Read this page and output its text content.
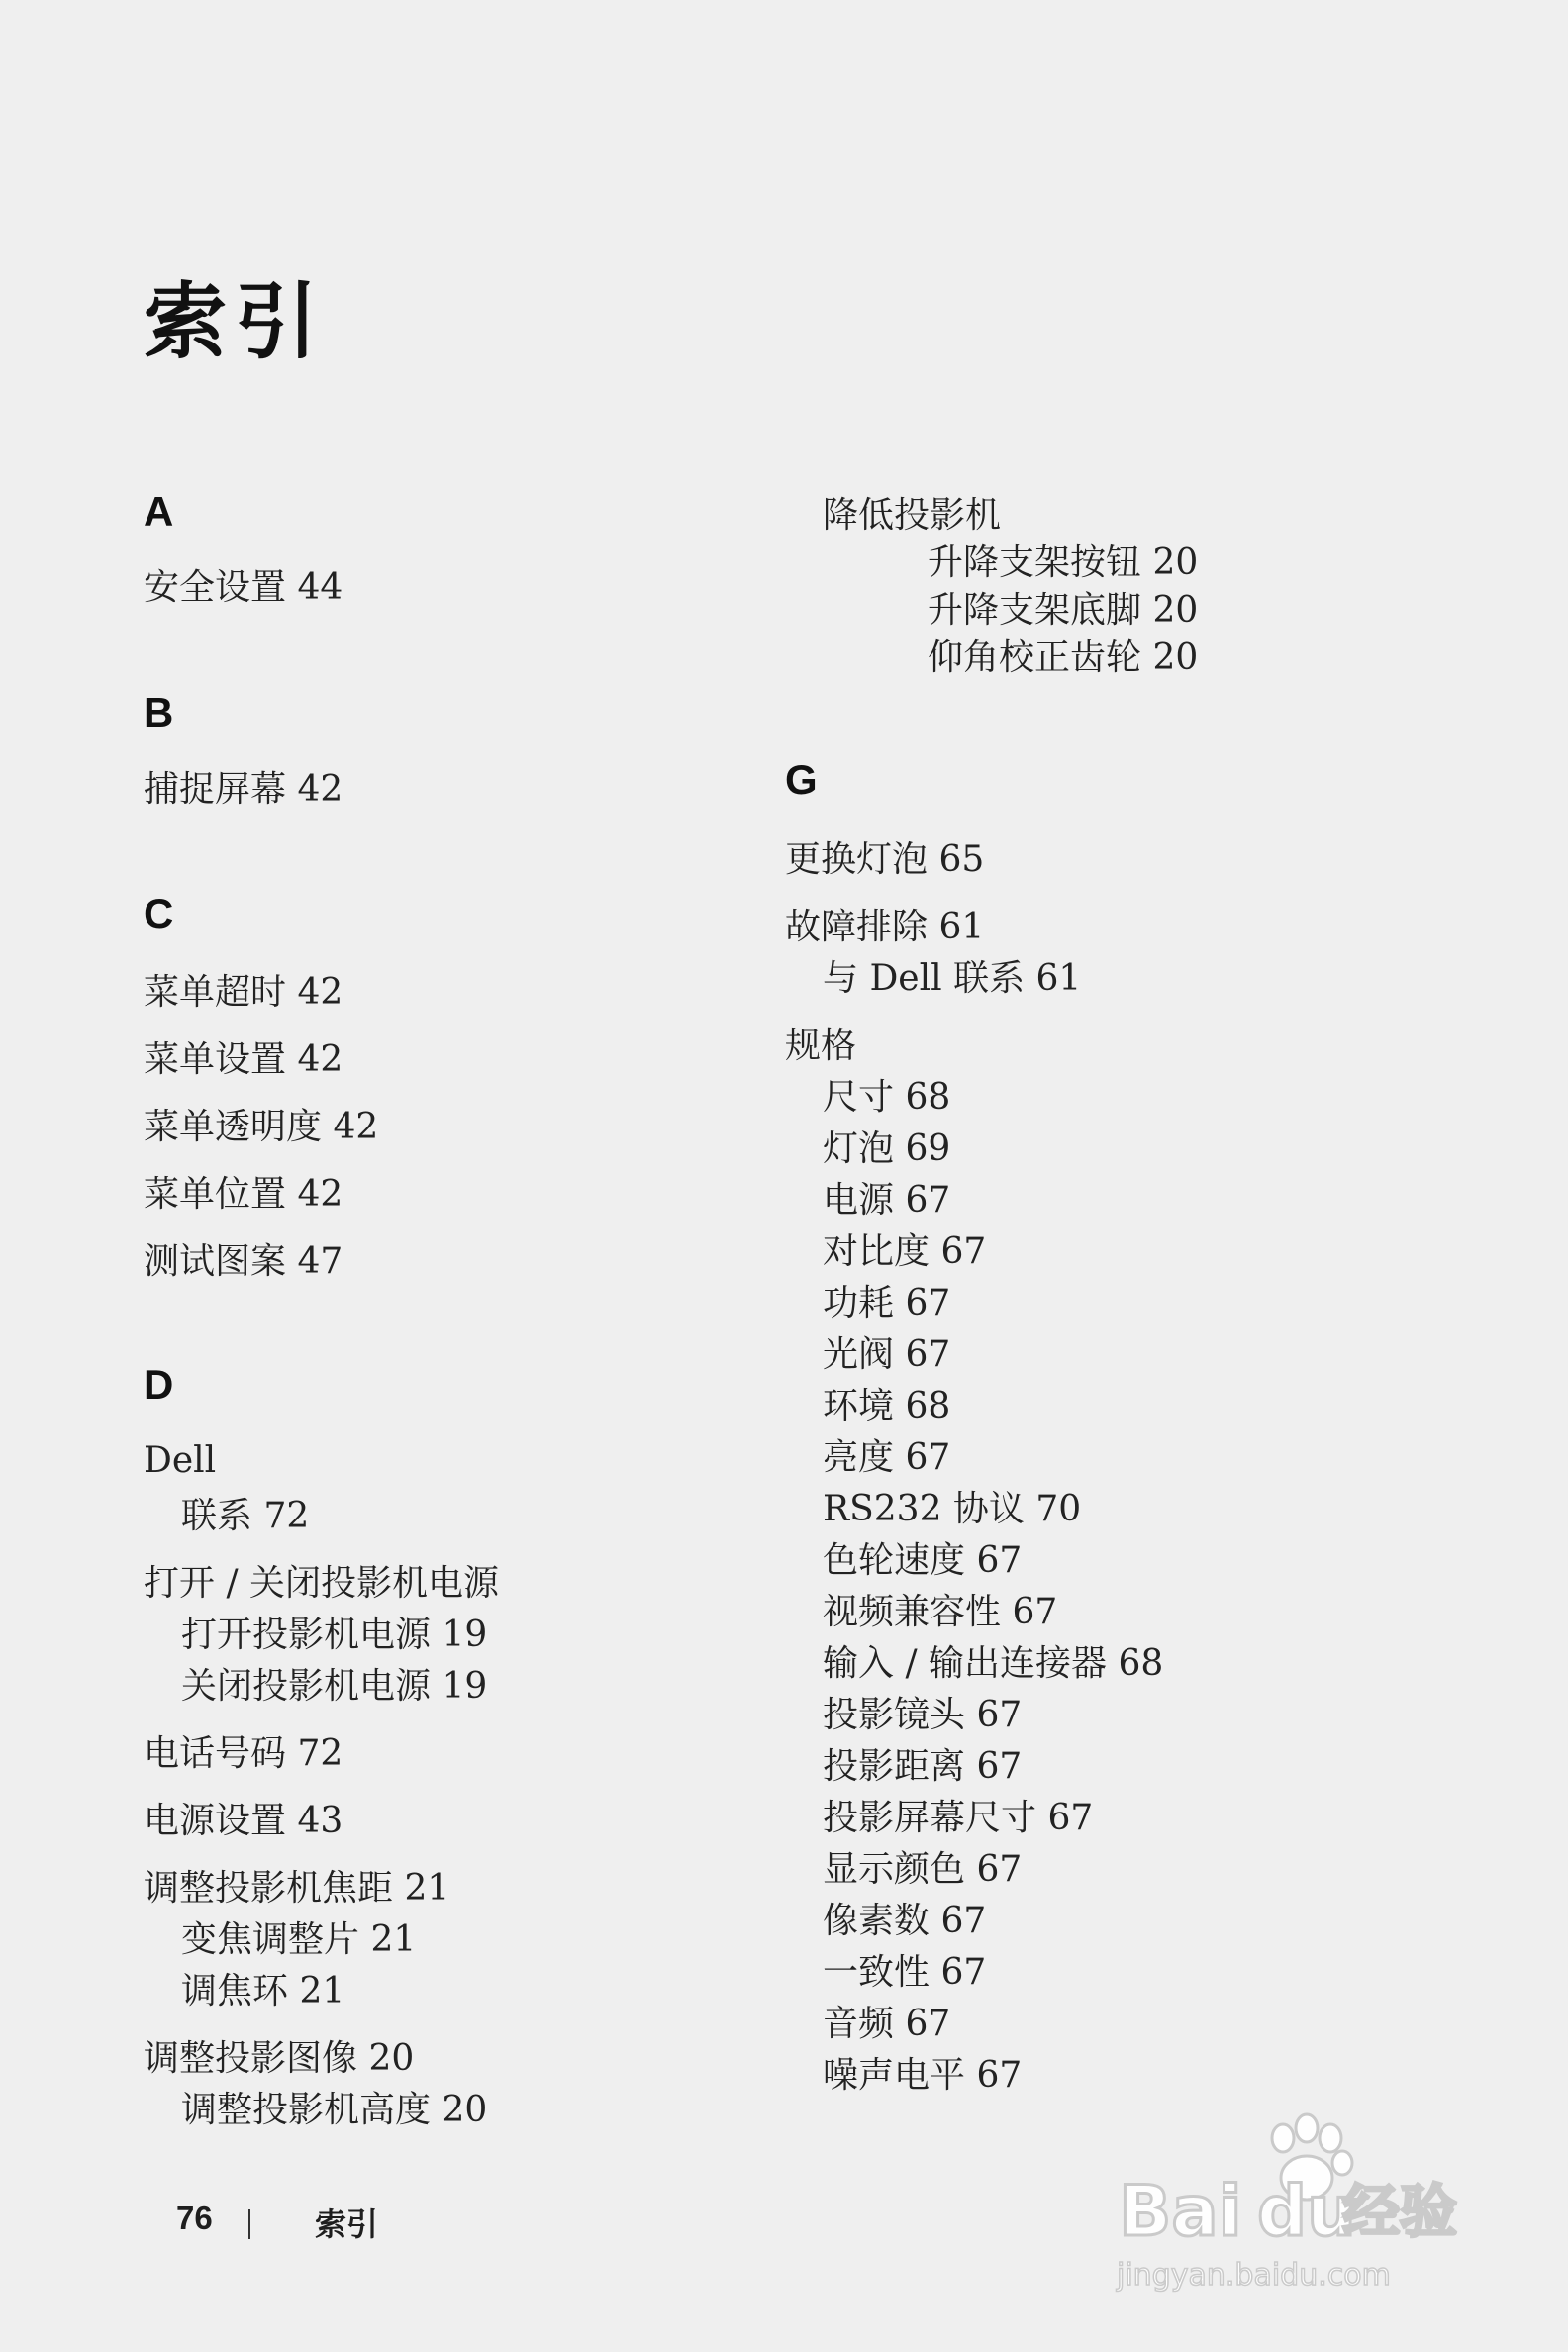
索引
A
安全设置 44
B
捕捉屏幕 42
C
菜单超时 42
菜单设置 42
菜单透明度 42
菜单位置 42
测试图案 47
D
Dell
联系 72
打开 / 关闭投影机电源
打开投影机电源 19
关闭投影机电源 19
电话号码 72
电源设置 43
调整投影机焦距 21
变焦调整片 21
调焦环 21
调整投影图像 20
调整投影机高度 20
降低投影机
升降支架按钮 20
升降支架底脚 20
仰角校正齿轮 20
G
更换灯泡 65
故障排除 61
与 Dell 联系 61
规格
尺寸 68
灯泡 69
电源 67
对比度 67
功耗 67
光阀 67
环境 68
亮度 67
RS232 协议 70
色轮速度 67
视频兼容性 67
输入 / 输出连接器 68
投影镜头 67
投影距离 67
投影屏幕尺寸 67
显示颜色 67
像素数 67
一致性 67
音频 67
噪声电平 67
76	索引	Bai du
经验
jingyan.baidu.com
